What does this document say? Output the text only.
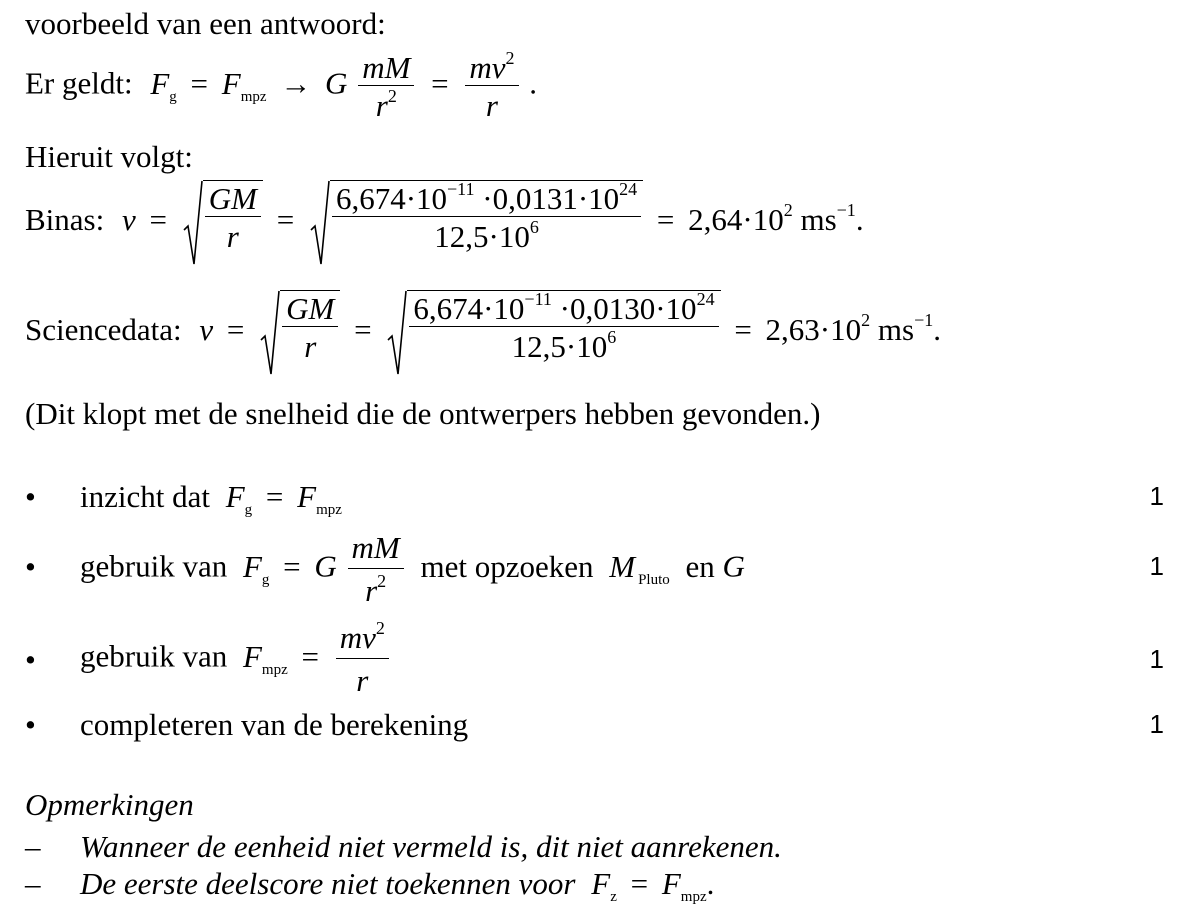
voorbeeld van een antwoord:
Er geldt: $F_g = F_{mpz} \to G \frac{mM}{r^2} = \frac{mv^2}{r}$ .
Hieruit volgt:
Binas: $v = \frac{GM}{r} = \frac{6,674\cdot 10^{-11} \cdot 0,0131\cdot 10^{24}}{12,5\cdot 10^6} = 2,64\cdot 10^2$ $ms^{-1}$.
Sciencedata: $v = \frac{GM}{r} = \frac{6,674\cdot 10^{-11} \cdot 0,0130\cdot 10^{24}}{12,5\cdot 10^6} = 2,63\cdot 10^2$ $ms^{-1}$.
(Dit klopt met de snelheid die de ontwerpers hebben gevonden.)
• inzicht dat $F_g = F_{mpz}$	1
• gebruik van $F_g = G \frac{mM}{r^2}$ met opzoeken M $_{Pluto}$ en G	1
• gebruik van $F_{mpz} = \frac{mv^2}{r}$	1
• completeren van de berekening	1
Opmerkingen
– Wanneer de eenheid niet vermeld is, dit niet aanrekenen.
– De eerste deelscore niet toekennen voor $F_z = F_{mpz}$.
